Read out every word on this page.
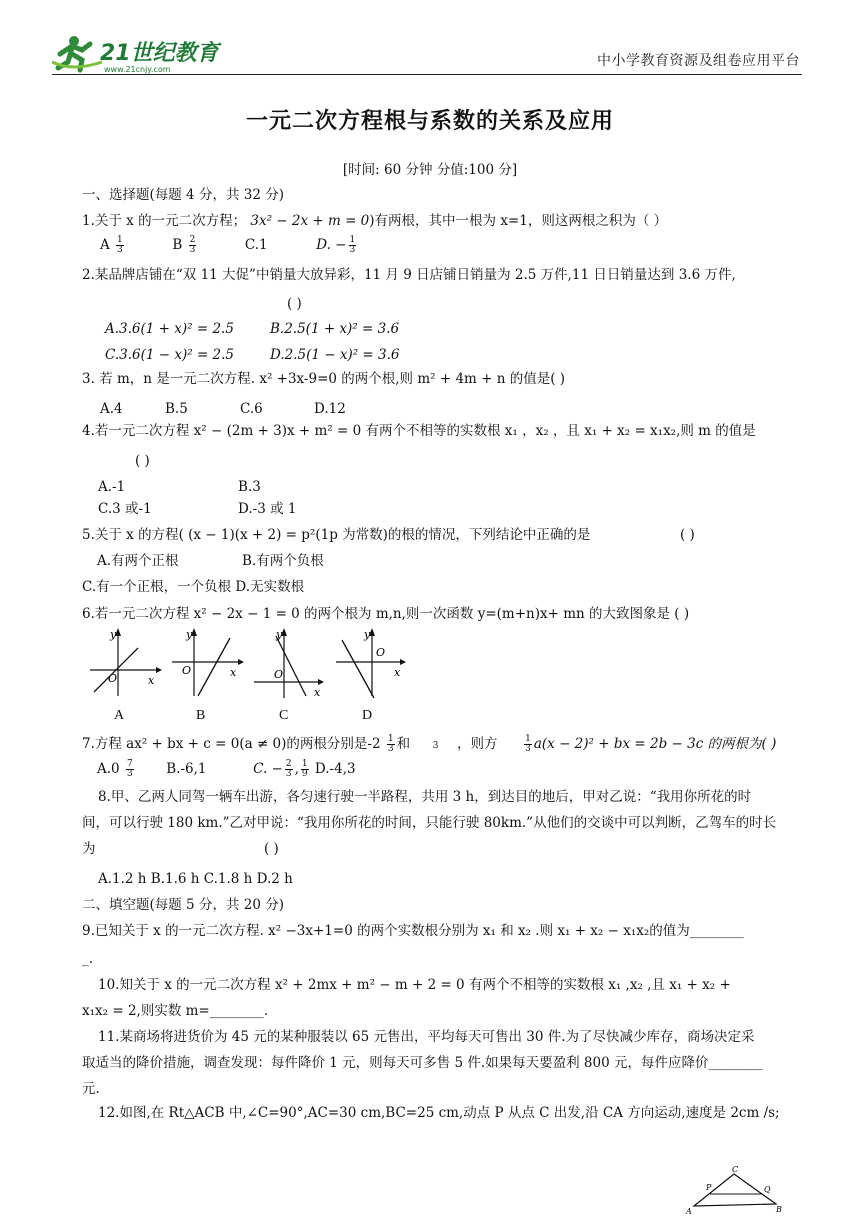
21世纪教育
www.21cnjy.com
中小学教育资源及组卷应用平台
一元二次方程根与系数的关系及应用
[时间: 60 分钟 分值:100 分]
一、选择题(每题 4 分，共 32 分)
1.关于 x 的一元二次方程； 3x² − 2x + m = 0)有两根，其中一根为 x=1，则这两根之积为（ ）
A $\frac{1}{3}$	B $\frac{2}{3}$	C.1	D. − $\frac{1}{3}$
2.某品牌店铺在“双 11 大促”中销量大放异彩，11 月 9 日店铺日销量为 2.5 万件,11 日日销量达到 3.6 万件,
( )
A.3.6(1 + x)² = 2.5	B.2.5(1 + x)² = 3.6
C.3.6(1 − x)² = 2.5	D.2.5(1 − x)² = 3.6
3. 若 m，n 是一元二次方程. x² +3x-9=0 的两个根,则 m² + 4m + n 的值是( )
A.4	B.5	C.6	D.12
4.若一元二次方程 x² − (2m + 3)x + m² = 0 有两个不相等的实数根 x₁ ，x₂ ，且 x₁ + x₂ = x₁x₂,则 m 的值是
( )
A.-1	B.3
C.3 或-1	D.-3 或 1
5.关于 x 的方程( (x − 1)(x + 2) = p²(1p 为常数)的根的情况，下列结论中正确的是	( )
A.有两个正根	B.有两个负根
C.有一个正根，一个负根 D.无实数根
6.若一元二次方程 x² − 2x − 1 = 0 的两个根为 m,n,则一次函数 y=(m+n)x+ mn 的大致图象是 ( )
y
x
O
y
x
O
y
x
O
y
x
O
A	B	C	D
7.方程 ax² + bx + c = 0(a ≠ 0)的两根分别是$-2 \frac{1}{3}$ 和	3 ，则方	$\frac{1}{3} a(x - 2)^2$ + bx = 2b − 3c 的两根为( )
$A.0 \frac{7}{3} B.-6,1$	C. − $\frac{2}{3}$ , $\frac{1}{9} D.-4,3$
8.甲、乙两人同驾一辆车出游，各匀速行驶一半路程，共用 3 h，到达目的地后，甲对乙说：“我用你所花的时
间，可以行驶 180 km.”乙对甲说：“我用你所花的时间，只能行驶 80km.”从他们的交谈中可以判断，乙驾车的时长
为	( )
A.1.2 h B.1.6 h C.1.8 h D.2 h
二、填空题(每题 5 分，共 20 分)
9.已知关于 x 的一元二次方程. x² −3x+1=0 的两个实数根分别为 x₁ 和 x₂ .则 x₁ + x₂ − x₁x₂的值为________
_.
10.知关于 x 的一元二次方程 x² + 2mx + m² − m + 2 = 0 有两个不相等的实数根 x₁ ,x₂ ,且 x₁ + x₂ +
x₁x₂ = 2,则实数 m=________.
11.某商场将进货价为 45 元的某种服装以 65 元售出，平均每天可售出 30 件.为了尽快减少库存，商场决定采
取适当的降价措施，调查发现：每件降价 1 元，则每天可多售 5 件.如果每天要盈利 800 元，每件应降价________
元.
12.如图,在 Rt△ACB 中,∠C=90°,AC=30 cm,BC=25 cm,动点 P 从点 C 出发,沿 CA 方向运动,速度是 2cm /s;
A
P
C
Q
B
